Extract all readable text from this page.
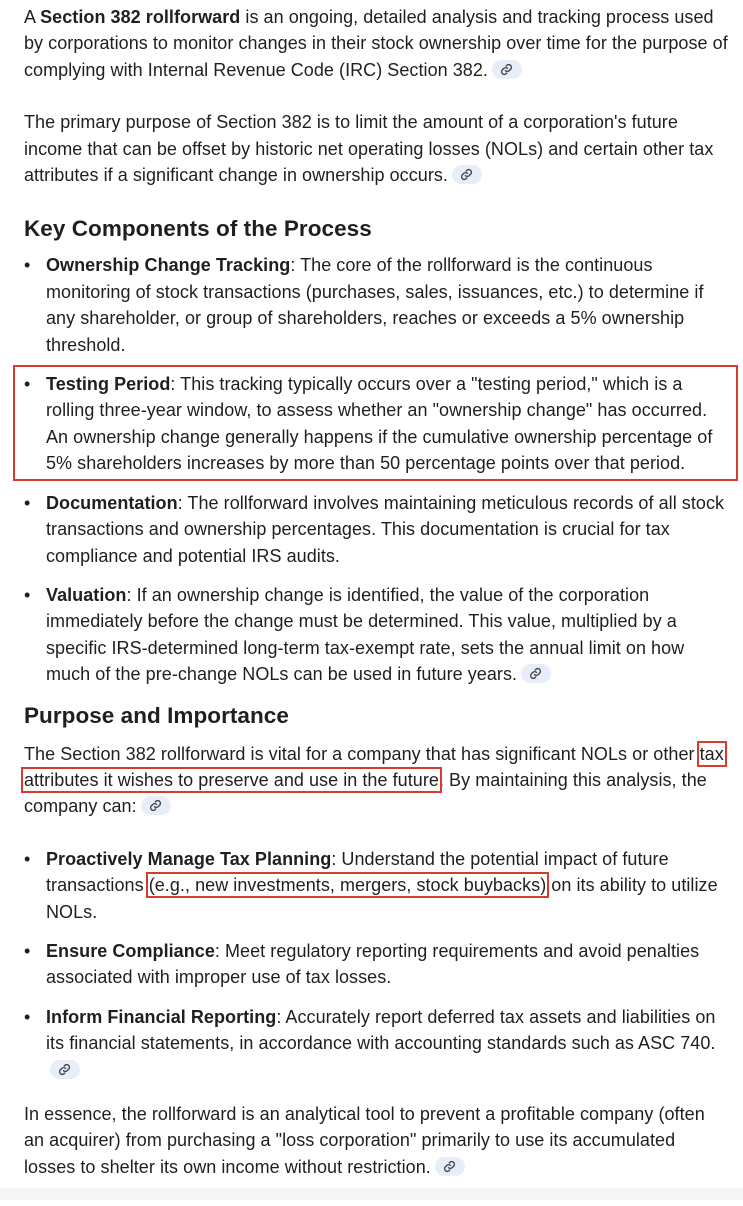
A Section 382 rollforward is an ongoing, detailed analysis and tracking process used by corporations to monitor changes in their stock ownership over time for the purpose of complying with Internal Revenue Code (IRC) Section 382.

The primary purpose of Section 382 is to limit the amount of a corporation's future income that can be offset by historic net operating losses (NOLs) and certain other tax attributes if a significant change in ownership occurs.

Key Components of the Process
• Ownership Change Tracking: The core of the rollforward is the continuous monitoring of stock transactions (purchases, sales, issuances, etc.) to determine if any shareholder, or group of shareholders, reaches or exceeds a 5% ownership threshold.
• Testing Period: This tracking typically occurs over a "testing period," which is a rolling three-year window, to assess whether an "ownership change" has occurred. An ownership change generally happens if the cumulative ownership percentage of 5% shareholders increases by more than 50 percentage points over that period.
• Documentation: The rollforward involves maintaining meticulous records of all stock transactions and ownership percentages. This documentation is crucial for tax compliance and potential IRS audits.
• Valuation: If an ownership change is identified, the value of the corporation immediately before the change must be determined. This value, multiplied by a specific IRS-determined long-term tax-exempt rate, sets the annual limit on how much of the pre-change NOLs can be used in future years.
Purpose and Importance

The Section 382 rollforward is vital for a company that has significant NOLs or other tax attributes it wishes to preserve and use in the future. By maintaining this analysis, the company can:

• Proactively Manage Tax Planning: Understand the potential impact of future transactions (e.g., new investments, mergers, stock buybacks) on its ability to utilize NOLs.
• Ensure Compliance: Meet regulatory reporting requirements and avoid penalties associated with improper use of tax losses.
• Inform Financial Reporting: Accurately report deferred tax assets and liabilities on its financial statements, in accordance with accounting standards such as ASC 740.

In essence, the rollforward is an analytical tool to prevent a profitable company (often an acquirer) from purchasing a "loss corporation" primarily to use its accumulated losses to shelter its own income without restriction.
